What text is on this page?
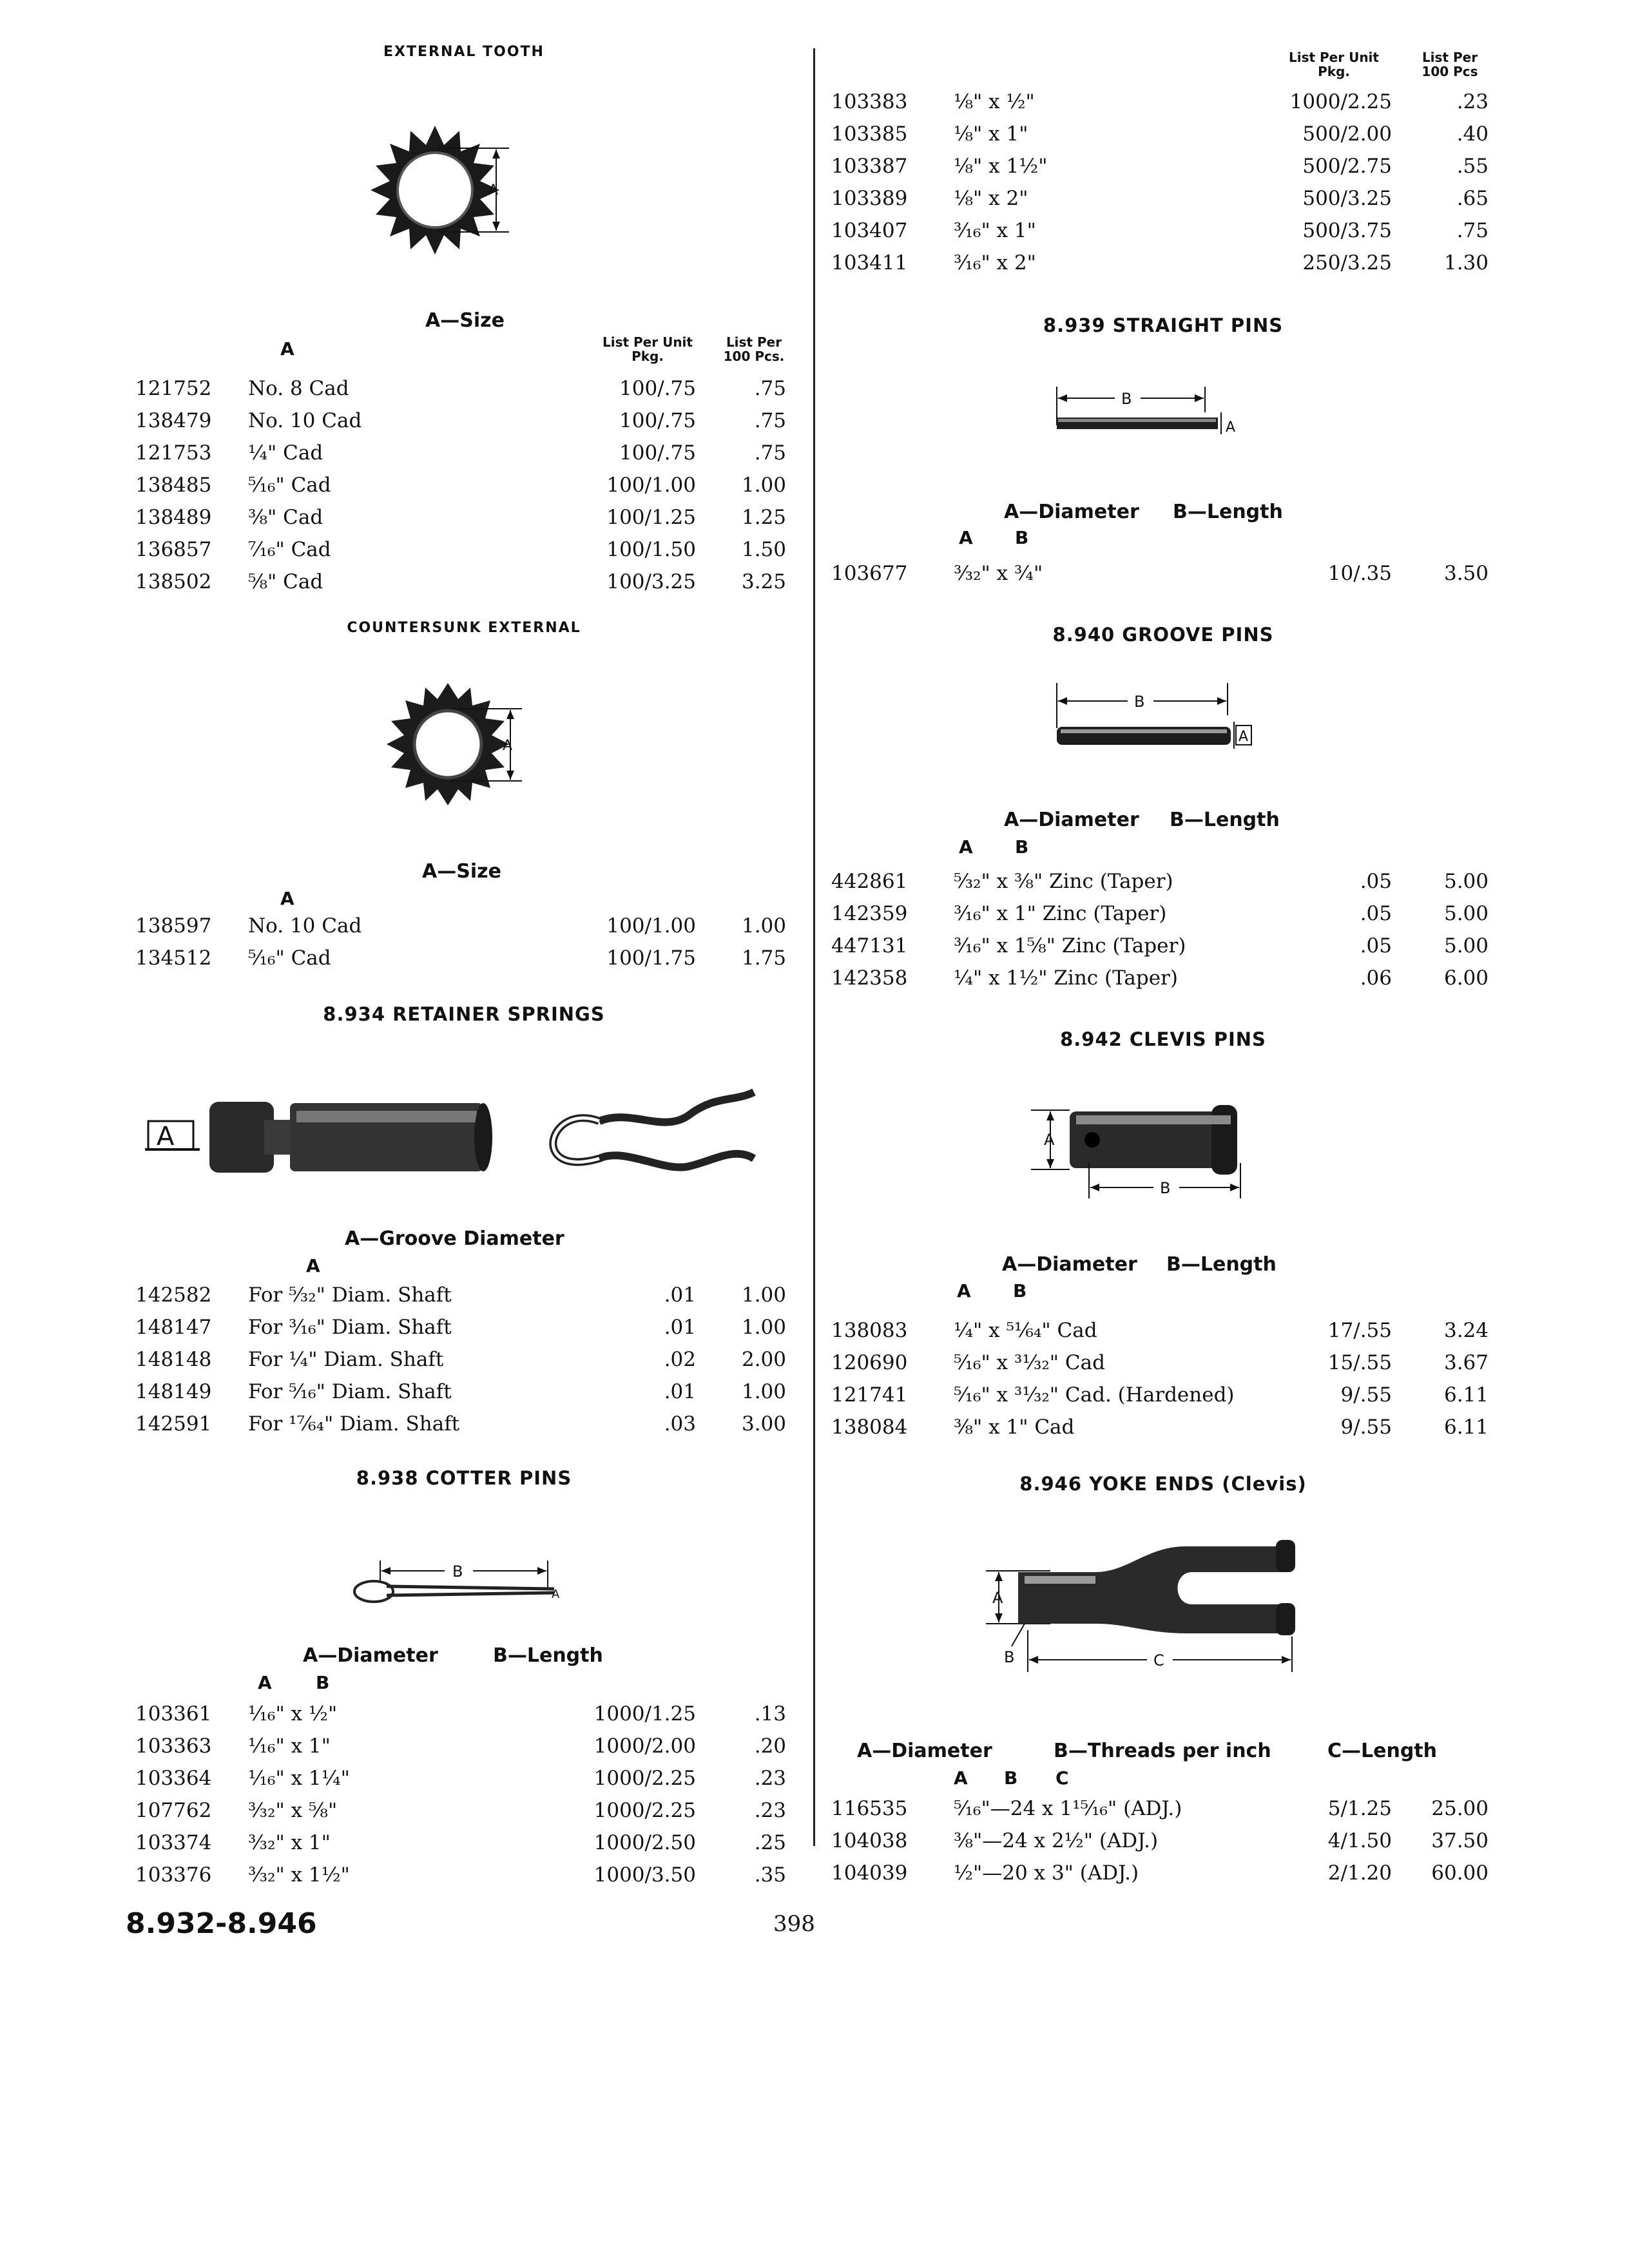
EXTERNAL TOOTH
A
A—Size
A	List Per Unit Pkg.
List Per 100 Pcs.
121752 No. 8 Cad	100/.75	.75
138479 No. 10 Cad	100/.75	.75
121753 ¼" Cad	100/.75	.75
138485 ⁵⁄₁₆" Cad	100/1.00	1.00
138489 ⅜" Cad	100/1.25	1.25
136857 ⁷⁄₁₆" Cad	100/1.50	1.50
138502 ⅝" Cad	100/3.25	3.25
COUNTERSUNK EXTERNAL
A
A—Size
A
138597 No. 10 Cad	100/1.00	1.00
134512 ⁵⁄₁₆" Cad	100/1.75	1.75
8.934 RETAINER SPRINGS
A
A—Groove Diameter
A
142582 For ⁵⁄₃₂" Diam. Shaft	.01	1.00
148147 For ³⁄₁₆" Diam. Shaft	.01	1.00
148148 For ¼" Diam. Shaft	.02	2.00
148149 For ⁵⁄₁₆" Diam. Shaft	.01	1.00
142591 For ¹⁷⁄₆₄" Diam. Shaft	.03	3.00
8.938 COTTER PINS
B
A
A—Diameter	B—Length
A B
103361 ¹⁄₁₆" x ½"	1000/1.25	.13
103363 ¹⁄₁₆" x 1"	1000/2.00	.20
103364 ¹⁄₁₆" x 1¼"	1000/2.25	.23
107762 ³⁄₃₂" x ⅝"	1000/2.25	.23
103374 ³⁄₃₂" x 1"	1000/2.50	.25
103376 ³⁄₃₂" x 1½"	1000/3.50	.35
List Per Unit Pkg.
List Per 100 Pcs
103383 ⅛" x ½"	1000/2.25	.23
103385 ⅛" x 1"	500/2.00	.40
103387 ⅛" x 1½"	500/2.75	.55
103389 ⅛" x 2"	500/3.25	.65
103407 ³⁄₁₆" x 1"	500/3.75	.75
103411 ³⁄₁₆" x 2"	250/3.25	1.30
8.939 STRAIGHT PINS
B
A
A—Diameter B—Length
A B
103677 ³⁄₃₂" x ¾"	10/.35	3.50
8.940 GROOVE PINS
B
A
A—Diameter B—Length
A B
442861 ⁵⁄₃₂" x ⅜" Zinc (Taper)	.05	5.00
142359 ³⁄₁₆" x 1" Zinc (Taper)	.05	5.00
447131 ³⁄₁₆" x 1⅝" Zinc (Taper)	.05	5.00
142358 ¼" x 1½" Zinc (Taper)	.06	6.00
8.942 CLEVIS PINS
A
B
A—Diameter B—Length
A B
138083 ¼" x ⁵¹⁄₆₄" Cad	17/.55	3.24
120690 ⁵⁄₁₆" x ³¹⁄₃₂" Cad	15/.55	3.67
121741 ⁵⁄₁₆" x ³¹⁄₃₂" Cad. (Hardened)	9/.55	6.11
138084 ⅜" x 1" Cad	9/.55	6.11
8.946 YOKE ENDS (Clevis)
A
B	C
A—Diameter	B—Threads per inch	C—Length
A B C
116535 ⁵⁄₁₆"—24 x 1¹⁵⁄₁₆" (ADJ.)	5/1.25	25.00
104038 ⅜"—24 x 2½" (ADJ.)	4/1.50	37.50
104039 ½"—20 x 3" (ADJ.)	2/1.20	60.00
8.932-8.946	398
